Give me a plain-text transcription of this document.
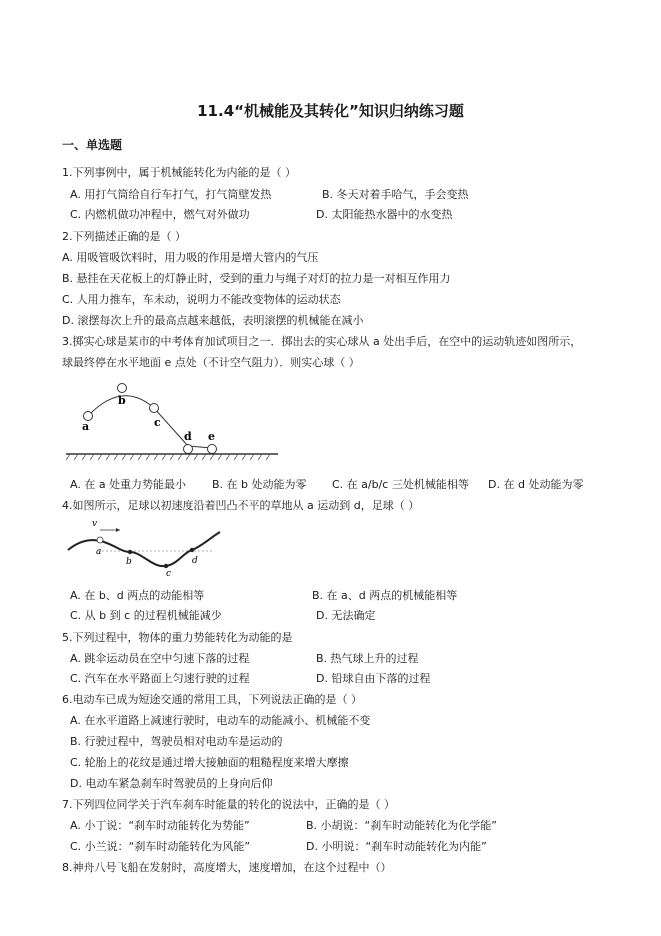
11.4“机械能及其转化”知识归纳练习题
一、单选题
1.下列事例中，属于机械能转化为内能的是（ ）
A. 用打气筒给自行车打气，打气筒壁发热	B. 冬天对着手哈气，手会变热
C. 内燃机做功冲程中，燃气对外做功	D. 太阳能热水器中的水变热
2.下列描述正确的是（ ）
A. 用吸管吸饮料时，用力吸的作用是增大管内的气压
B. 悬挂在天花板上的灯静止时，受到的重力与绳子对灯的拉力是一对相互作用力
C. 人用力推车，车未动，说明力不能改变物体的运动状态
D. 滚摆每次上升的最高点越来越低，表明滚摆的机械能在减小
3.掷实心球是某市的中考体育加试项目之一．掷出去的实心球从 a 处出手后，在空中的运动轨迹如图所示，
球最终停在水平地面 e 点处（不计空气阻力）．则实心球（ ）
a
b
c
d e
A. 在 a 处重力势能最小 B. 在 b 处动能为零 C. 在 a/b/c 三处机械能相等 D. 在 d 处动能为零
4.如图所示，足球以初速度沿着凹凸不平的草地从 a 运动到 d，足球（ ）
v
a
b
c
d
A. 在 b、d 两点的动能相等	B. 在 a、d 两点的机械能相等
C. 从 b 到 c 的过程机械能减少	D. 无法确定
5.下列过程中，物体的重力势能转化为动能的是
A. 跳伞运动员在空中匀速下落的过程	B. 热气球上升的过程
C. 汽车在水平路面上匀速行驶的过程	D. 铅球自由下落的过程
6.电动车已成为短途交通的常用工具，下列说法正确的是（ ）
A. 在水平道路上减速行驶时，电动车的动能减小、机械能不变
B. 行驶过程中，驾驶员相对电动车是运动的
C. 轮胎上的花纹是通过增大接触面的粗糙程度来增大摩擦
D. 电动车紧急刹车时驾驶员的上身向后仰
7.下列四位同学关于汽车刹车时能量的转化的说法中，正确的是（ ）
A. 小丁说：“刹车时动能转化为势能”	B. 小胡说：“刹车时动能转化为化学能”
C. 小兰说：“刹车时动能转化为风能”	D. 小明说：“刹车时动能转化为内能”
8.神舟八号飞船在发射时，高度增大，速度增加，在这个过程中（）
